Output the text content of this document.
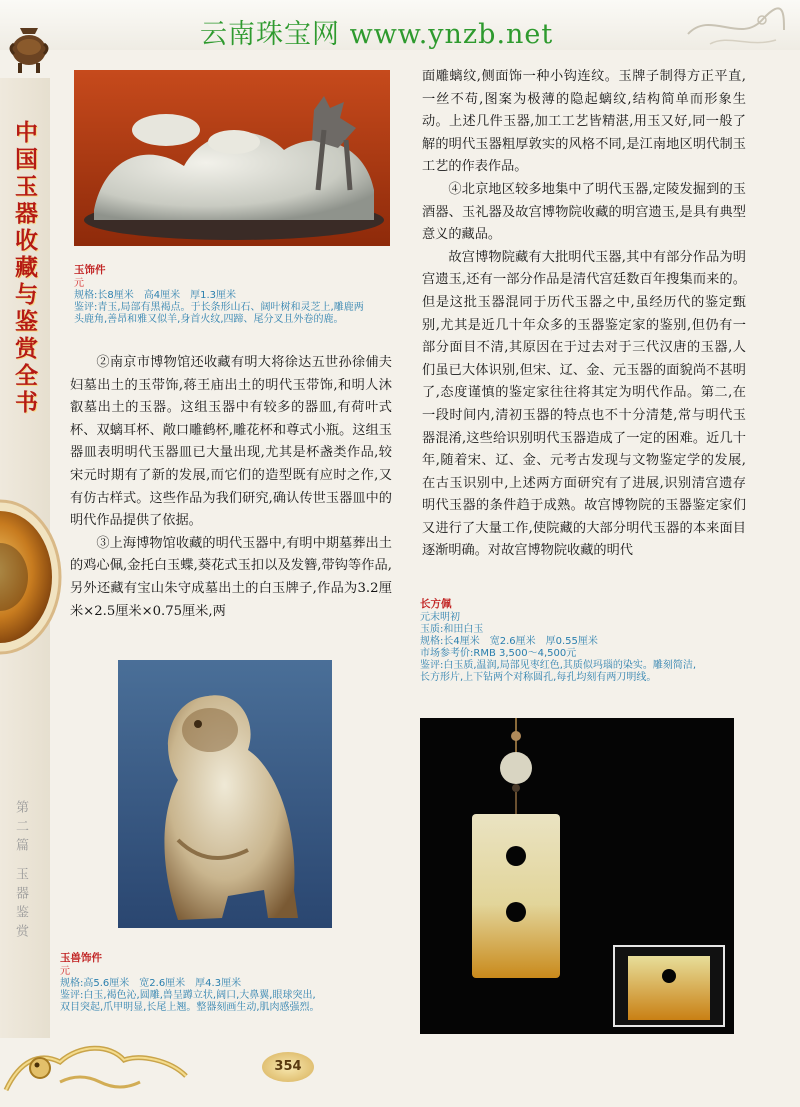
云南珠宝网 www.ynzb.net
中国玉器收藏与鉴赏全书
第二篇 玉器鉴赏
玉饰件
元
规格:长8厘米　高4厘米　厚1.3厘米
鉴评:青玉,局部有黑褐点。于长条形山石、阔叶树和灵芝上,雕鹿两
头鹿角,善昂和雅又似羊,身首火纹,四蹄、尾分叉且外卷的鹿。

②南京市博物馆还收藏有明大将徐达五世孙徐俌夫妇墓出土的玉带饰,蒋王庙出土的明代玉带饰,和明人沐叡墓出土的玉器。这组玉器中有较多的器皿,有荷叶式杯、双螭耳杯、敞口雕鹤杯,雕花杯和尊式小瓶。这组玉器皿表明明代玉器皿已大量出现,尤其是杯盏类作品,较宋元时期有了新的发展,而它们的造型既有应时之作,又有仿古样式。这些作品为我们研究,确认传世玉器皿中的明代作品提供了依据。

③上海博物馆收藏的明代玉器中,有明中期墓葬出土的鸡心佩,金托白玉蝶,葵花式玉扣以及发簪,带钩等作品,另外还藏有宝山朱守成墓出土的白玉牌子,作品为3.2厘米×2.5厘米×0.75厘米,两

玉兽饰件
元
规格:高5.6厘米　宽2.6厘米　厚4.3厘米
鉴评:白玉,褐色沁,圆雕,兽呈蹲立状,阔口,大鼻翼,眼球突出,
双目突起,爪甲明显,长尾上翘。整器刻画生动,肌肉感强烈。

面雕螭纹,侧面饰一种小钩连纹。玉牌子制得方正平直,一丝不苟,图案为极薄的隐起螭纹,结构简单而形象生动。上述几件玉器,加工工艺皆精湛,用玉又好,同一般了解的明代玉器粗厚敦实的风格不同,是江南地区明代制玉工艺的作表作品。

④北京地区较多地集中了明代玉器,定陵发掘到的玉酒器、玉礼器及故宫博物院收藏的明宫遗玉,是具有典型意义的藏品。

故宫博物院藏有大批明代玉器,其中有部分作品为明宫遗玉,还有一部分作品是清代宫廷数百年搜集而来的。但是这批玉器混同于历代玉器之中,虽经历代的鉴定甄别,尤其是近几十年众多的玉器鉴定家的鉴别,但仍有一部分面目不清,其原因在于过去对于三代汉唐的玉器,人们虽已大体识别,但宋、辽、金、元玉器的面貌尚不甚明了,态度谨慎的鉴定家往往将其定为明代作品。第二,在一段时间内,清初玉器的特点也不十分清楚,常与明代玉器混淆,这些给识别明代玉器造成了一定的困难。近几十年,随着宋、辽、金、元考古发现与文物鉴定学的发展,在古玉识别中,上述两方面研究有了进展,识别清宫遗存明代玉器的条件趋于成熟。故宫博物院的玉器鉴定家们又进行了大量工作,使院藏的大部分明代玉器的本来面目逐渐明确。对故宫博物院收藏的明代

长方佩
元末明初
玉质:和田白玉
规格:长4厘米　宽2.6厘米　厚0.55厘米
市场参考价:RMB 3,500～4,500元
鉴评:白玉质,温润,局部见枣红色,其质似玛瑙的染实。雕刻简洁,
长方形片,上下钻两个对称圆孔,每孔均刻有两刀明线。
354
